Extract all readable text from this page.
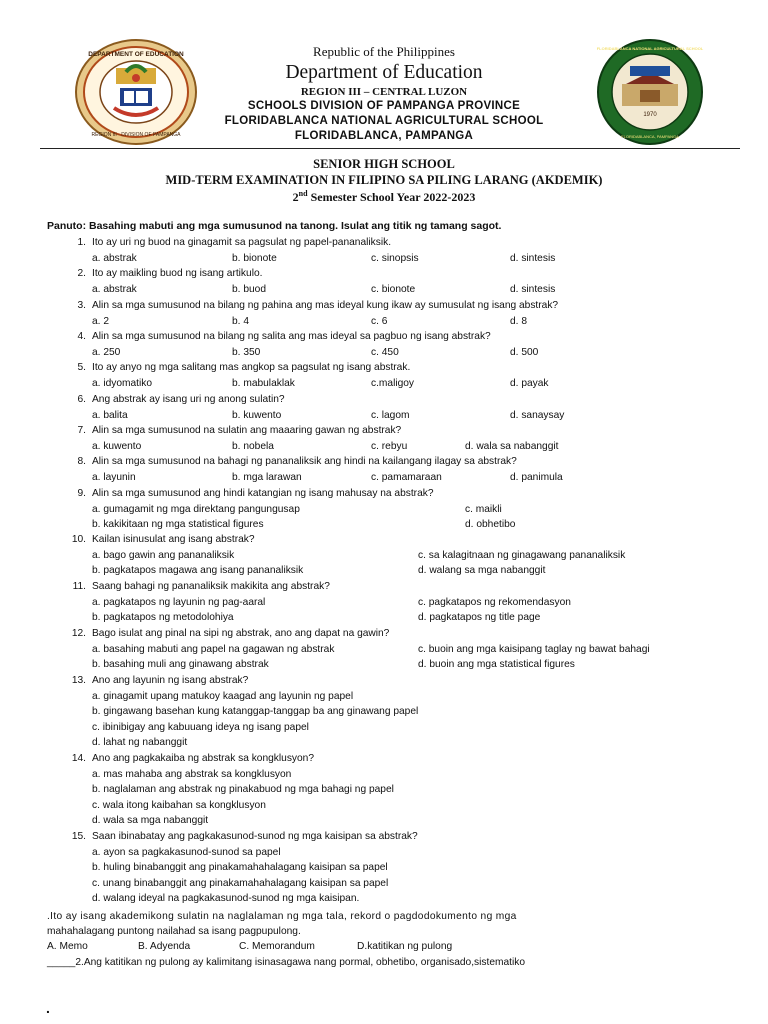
DEPARTMENT OF EDUCATION
REGION III · DIVISION OF PAMPANGA
1970
FLORIDABLANCA NATIONAL AGRICULTURAL SCHOOL
FLORIDABLANCA, PAMPANGA
Republic of the Philippines
Department of Education
REGION III – CENTRAL LUZON
SCHOOLS DIVISION OF PAMPANGA PROVINCE
FLORIDABLANCA NATIONAL AGRICULTURAL SCHOOL
FLORIDABLANCA, PAMPANGA
SENIOR HIGH SCHOOL
MID-TERM EXAMINATION IN FILIPINO SA PILING LARANG (AKDEMIK)
2nd Semester School Year 2022-2023
Panuto: Basahing mabuti ang mga sumusunod na tanong. Isulat ang titik ng tamang sagot.
1. Ito ay uri ng buod na ginagamit sa pagsulat ng papel-pananaliksik.
a. abstrak	b. bionote	c. sinopsis	d. sintesis
2. Ito ay maikling buod ng isang artikulo.
a. abstrak	b. buod	c. bionote	d. sintesis
3. Alin sa mga sumusunod na bilang ng pahina ang mas ideyal kung ikaw ay sumusulat ng isang abstrak?
a. 2	b. 4	c. 6	d. 8
4. Alin sa mga sumusunod na bilang ng salita ang mas ideyal sa pagbuo ng isang abstrak?
a. 250	b. 350	c. 450	d. 500
5. Ito ay anyo ng mga salitang mas angkop sa pagsulat ng isang abstrak.
a. idyomatiko	b. mabulaklak	c.maligoy	d. payak
6. Ang abstrak ay isang uri ng anong sulatin?
a. balita	b. kuwento	c. lagom	d. sanaysay
7. Alin sa mga sumusunod na sulatin ang maaaring gawan ng abstrak?
a. kuwento	b. nobela	c. rebyu	d. wala sa nabanggit
8. Alin sa mga sumusunod na bahagi ng pananaliksik ang hindi na kailangang ilagay sa abstrak?
a. layunin	b. mga larawan	c. pamamaraan	d. panimula
9. Alin sa mga sumusunod ang hindi katangian ng isang mahusay na abstrak?
a. gumagamit ng mga direktang pangungusap	c. maikli
b. kakikitaan ng mga statistical figures	d. obhetibo
10. Kailan isinusulat ang isang abstrak?
a. bago gawin ang pananaliksik	c. sa kalagitnaan ng ginagawang pananaliksik
b. pagkatapos magawa ang isang pananaliksik	d. walang sa mga nabanggit
11. Saang bahagi ng pananaliksik makikita ang abstrak?
a. pagkatapos ng layunin ng pag-aaral	c. pagkatapos ng rekomendasyon
b. pagkatapos ng metodolohiya	d. pagkatapos ng title page
12. Bago isulat ang pinal na sipi ng abstrak, ano ang dapat na gawin?
a. basahing mabuti ang papel na gagawan ng abstrak	c. buoin ang mga kaisipang taglay ng bawat bahagi
b. basahing muli ang ginawang abstrak	d. buoin ang mga statistical figures
13. Ano ang layunin ng isang abstrak?
a. ginagamit upang matukoy kaagad ang layunin ng papel
b. gingawang basehan kung katanggap-tanggap ba ang ginawang papel
c. ibinibigay ang kabuuang ideya ng isang papel
d. lahat ng nabanggit
14. Ano ang pagkakaiba ng abstrak sa kongklusyon?
a. mas mahaba ang abstrak sa kongklusyon
b. naglalaman ang abstrak ng pinakabuod ng mga bahagi ng papel
c. wala itong kaibahan sa kongklusyon
d. wala sa mga nabanggit
15. Saan ibinabatay ang pagkakasunod-sunod ng mga kaisipan sa abstrak?
a. ayon sa pagkakasunod-sunod sa papel
b. huling binabanggit ang pinakamahahalagang kaisipan sa papel
c. unang binabanggit ang pinakamahahalagang kaisipan sa papel
d. walang ideyal na pagkakasunod-sunod ng mga kaisipan.
.Ito ay isang akademikong sulatin na naglalaman ng mga tala, rekord o pagdodokumento ng mga
mahahalagang puntong nailahad sa isang pagpupulong.
A. Memo	B. Adyenda	C. Memorandum	D.katitikan ng pulong
_____2.Ang katitikan ng pulong ay kalimitang isinasagawa nang pormal, obhetibo, organisado,sistematiko
.
